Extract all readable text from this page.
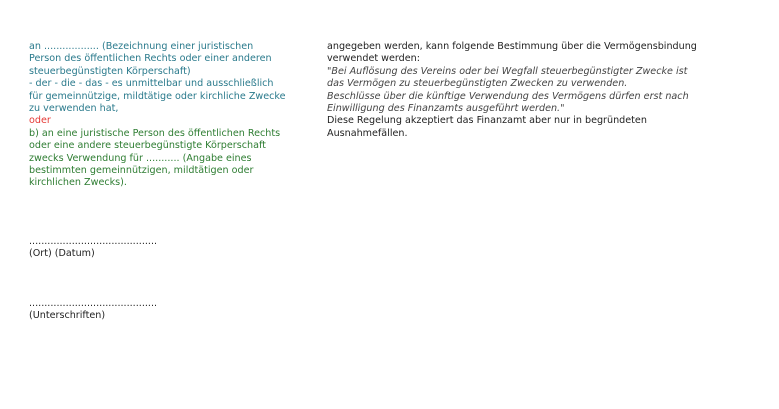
an .................. (Bezeichnung einer juristischen
Person des öffentlichen Rechts oder einer anderen
steuerbegünstigten Körperschaft)
- der - die - das - es unmittelbar und ausschließlich
für gemeinnützige, mildtätige oder kirchliche Zwecke
zu verwenden hat,
oder
b) an eine juristische Person des öffentlichen Rechts
oder eine andere steuerbegünstigte Körperschaft
zwecks Verwendung für ........... (Angabe eines
bestimmten gemeinnützigen, mildtätigen oder
kirchlichen Zwecks).
angegeben werden, kann folgende Bestimmung über die Vermögensbindung
verwendet werden:
"Bei Auflösung des Vereins oder bei Wegfall steuerbegünstigter Zwecke ist
das Vermögen zu steuerbegünstigten Zwecken zu verwenden.
Beschlüsse über die künftige Verwendung des Vermögens dürfen erst nach
Einwilligung des Finanzamts ausgeführt werden."
Diese Regelung akzeptiert das Finanzamt aber nur in begründeten
Ausnahmefällen.
..........................................
(Ort) (Datum)
..........................................
(Unterschriften)
